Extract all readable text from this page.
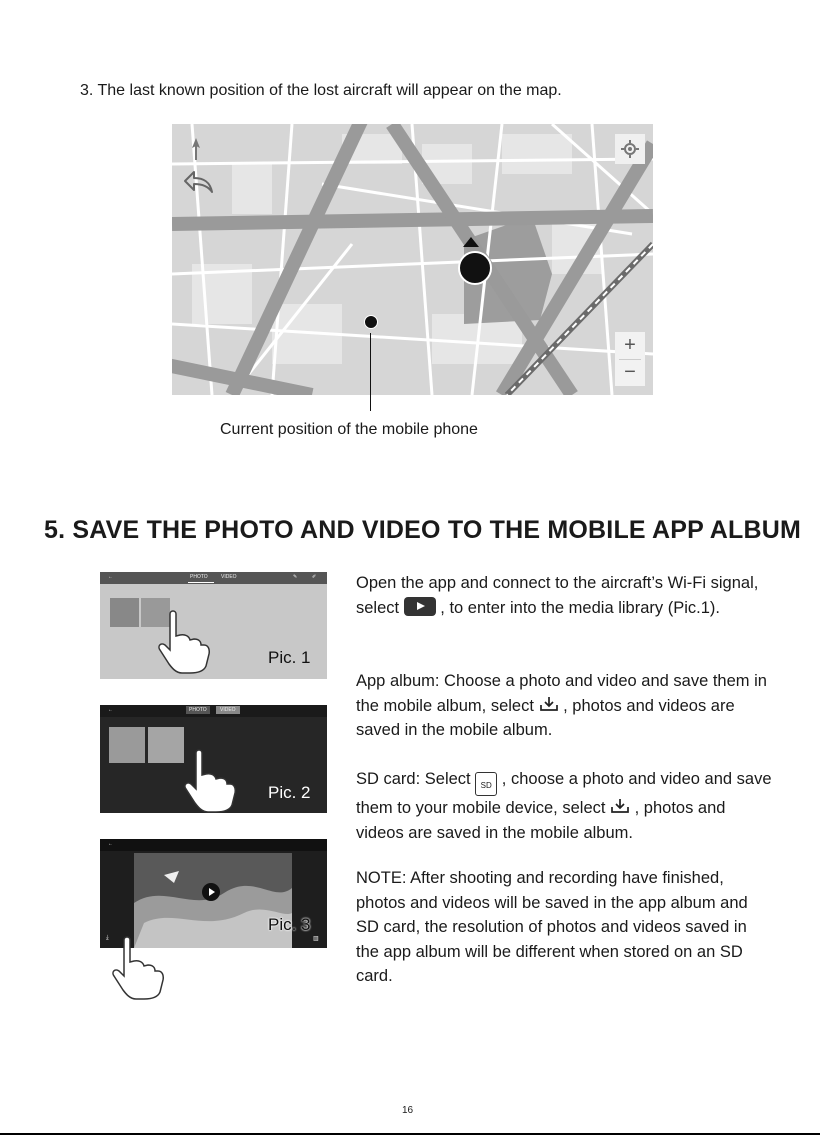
3. The last known position of the lost aircraft will appear on the map.
+
−
Current position of the mobile phone
5. SAVE THE PHOTO AND VIDEO TO THE MOBILE APP ALBUM
←	PHOTO	VIDEO	✎	✐
Pic. 1
←	PHOTO	VIDEO
Pic. 2
←
⤓	▥
Pic. 3

Open the app and connect to the aircraft’s Wi-Fi signal, select  , to enter into the media library (Pic.1).

App album: Choose a photo and video and save them in the mobile album, select  , photos and videos are saved in the mobile album.

SD card: Select SD , choose a photo and video and save them to your mobile device, select  , photos and videos are saved in the mobile album.

NOTE: After shooting and recording have finished, photos and videos will be saved in the app album and SD card, the resolution of photos and videos saved in the app album will be different when stored on an SD card.

16
